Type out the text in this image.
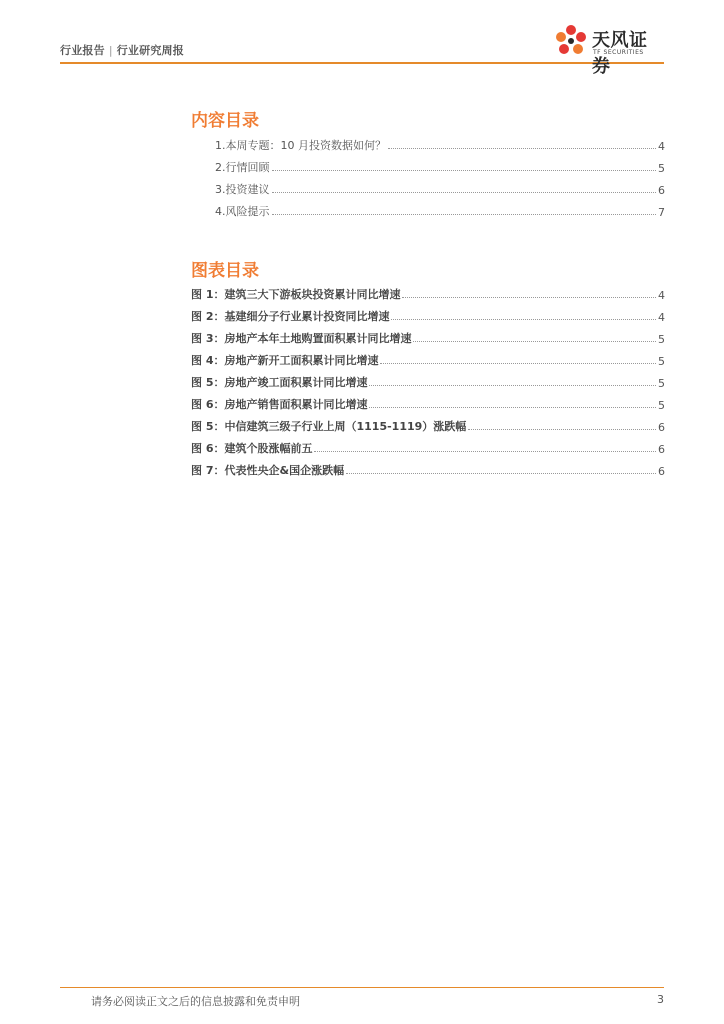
行业报告 | 行业研究周报	天风证券
TF SECURITIES
内容目录
1.本周专题：10 月投资数据如何？	4
2.行情回顾	5
3.投资建议	6
4.风险提示	7
图表目录
图 1：建筑三大下游板块投资累计同比增速	4
图 2：基建细分子行业累计投资同比增速	4
图 3：房地产本年土地购置面积累计同比增速	5
图 4：房地产新开工面积累计同比增速	5
图 5：房地产竣工面积累计同比增速	5
图 6：房地产销售面积累计同比增速	5
图 5：中信建筑三级子行业上周（1115-1119）涨跌幅	6
图 6：建筑个股涨幅前五	6
图 7：代表性央企&国企涨跌幅	6
请务必阅读正文之后的信息披露和免责申明	3
